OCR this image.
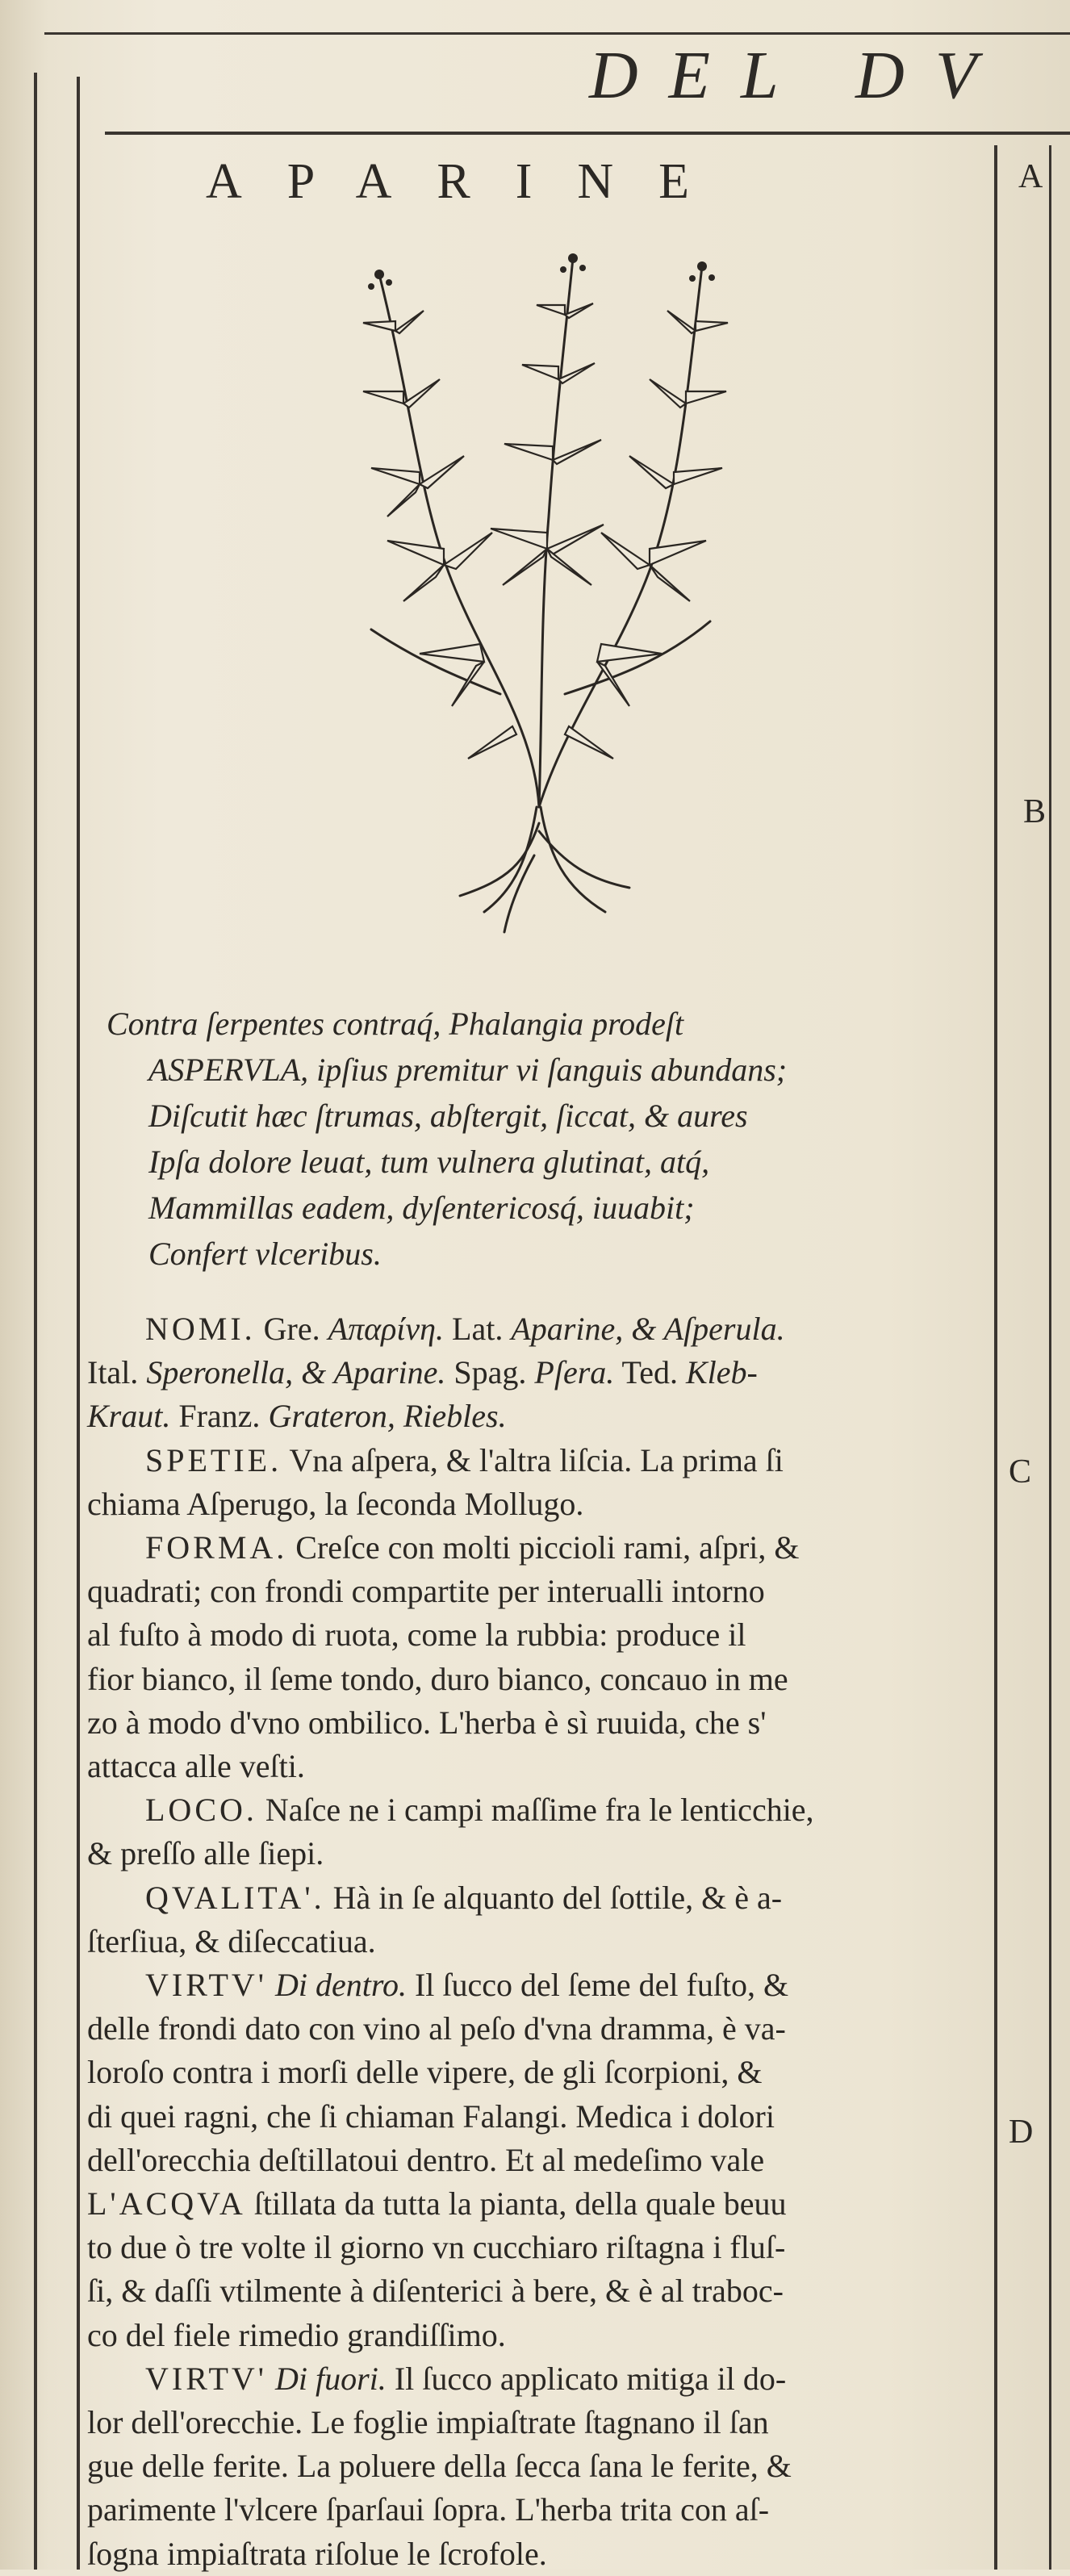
DEL DV
A
B
C
D
APARINE
Contra ſerpentes contraq́, Phalangia prodeſt
ASPERVLA, ipſius premitur vi ſanguis abundans;
Diſcutit hæc ſtrumas, abſtergit, ſiccat, & aures
Ipſa dolore leuat, tum vulnera glutinat, atq́,
Mammillas eadem, dyſentericosq́, iuuabit;
Confert vlceribus.
NOMI. Gre. Απαρίνη. Lat. Aparine, & Aſperula.
Ital. Speronella, & Aparine. Spag. Pſera. Ted. Kleb-
Kraut. Franz. Grateron, Riebles.
SPETIE. Vna aſpera, & l'altra liſcia. La prima ſi
chiama Aſperugo, la ſeconda Mollugo.
FORMA. Creſce con molti piccioli rami, aſpri, &
quadrati; con frondi compartite per interualli intorno
al fuſto à modo di ruota, come la rubbia: produce il
fior bianco, il ſeme tondo, duro bianco, concauo in me
zo à modo d'vno ombilico. L'herba è sì ruuida, che s'
attacca alle veſti.
LOCO. Naſce ne i campi maſſime fra le lenticchie,
& preſſo alle ſiepi.
QVALITA'. Hà in ſe alquanto del ſottile, & è a-
ſterſiua, & diſeccatiua.
VIRTV' Di dentro. Il ſucco del ſeme del fuſto, &
delle frondi dato con vino al peſo d'vna dramma, è va-
loroſo contra i morſi delle vipere, de gli ſcorpioni, &
di quei ragni, che ſi chiaman Falangi. Medica i dolori
dell'orecchia deſtillatoui dentro. Et al medeſimo vale
L'ACQVA ſtillata da tutta la pianta, della quale beuu
to due ò tre volte il giorno vn cucchiaro riſtagna i fluſ-
ſi, & daſſi vtilmente à diſenterici à bere, & è al traboc-
co del fiele rimedio grandiſſimo.
VIRTV' Di fuori. Il ſucco applicato mitiga il do-
lor dell'orecchie. Le foglie impiaſtrate ſtagnano il ſan
gue delle ferite. La poluere della ſecca ſana le ferite, &
parimente l'vlcere ſparſaui ſopra. L'herba trita con aſ-
ſogna impiaſtrata riſolue le ſcrofole.
